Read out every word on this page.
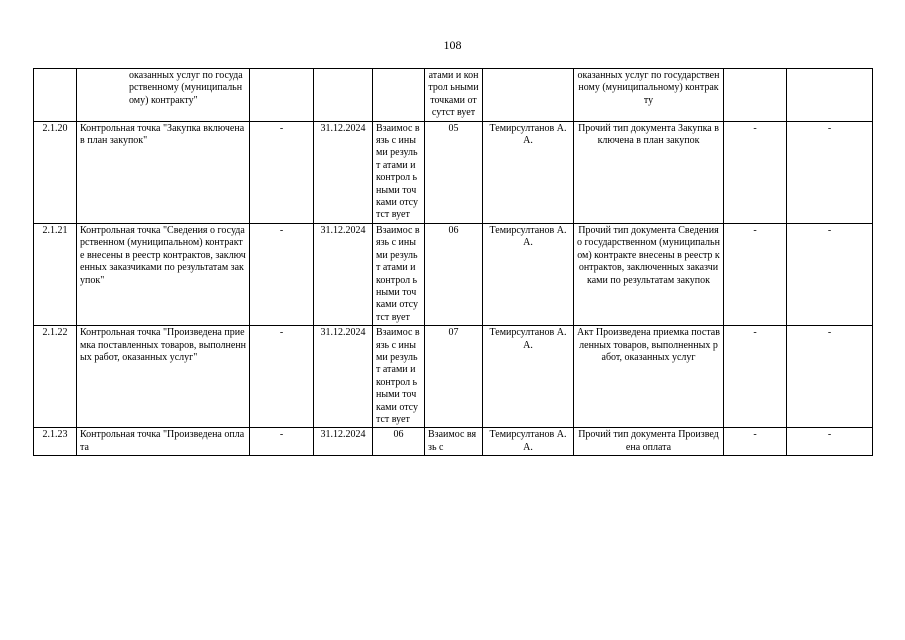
108
	оказанных услуг по государственному (муниципальному) контракту"				атами и контрол ьными точками отсутст вует		оказанных услуг по государственному (муниципальному) контракту		
2.1.20	Контрольная точка "Закупка включена в план закупок"	-	31.12.2024	Взаимос вязь с иными результ атами и контрол ьными точками отсутст вует	05	Темирсултанов А.А.	Прочий тип документа Закупка включена в план закупок	-	-
2.1.21	Контрольная точка "Сведения о государственном (муниципальном) контракте внесены в реестр контрактов, заключенных заказчиками по результатам закупок"	-	31.12.2024	Взаимос вязь с иными результ атами и контрол ьными точками отсутст вует	06	Темирсултанов А.А.	Прочий тип документа Сведения о государственном (муниципальном) контракте внесены в реестр контрактов, заключенных заказчиками по результатам закупок	-	-
2.1.22	Контрольная точка "Произведена приемка поставленных товаров, выполненных работ, оказанных услуг"	-	31.12.2024	Взаимос вязь с иными результ атами и контрол ьными точками отсутст вует	07	Темирсултанов А.А.	Акт Произведена приемка поставленных товаров, выполненных работ, оказанных услуг	-	-
2.1.23	Контрольная точка "Произведена оплата	-	31.12.2024	06	Взаимос вязь с	Темирсултанов А.А.	Прочий тип документа Произведена оплата	-	-
